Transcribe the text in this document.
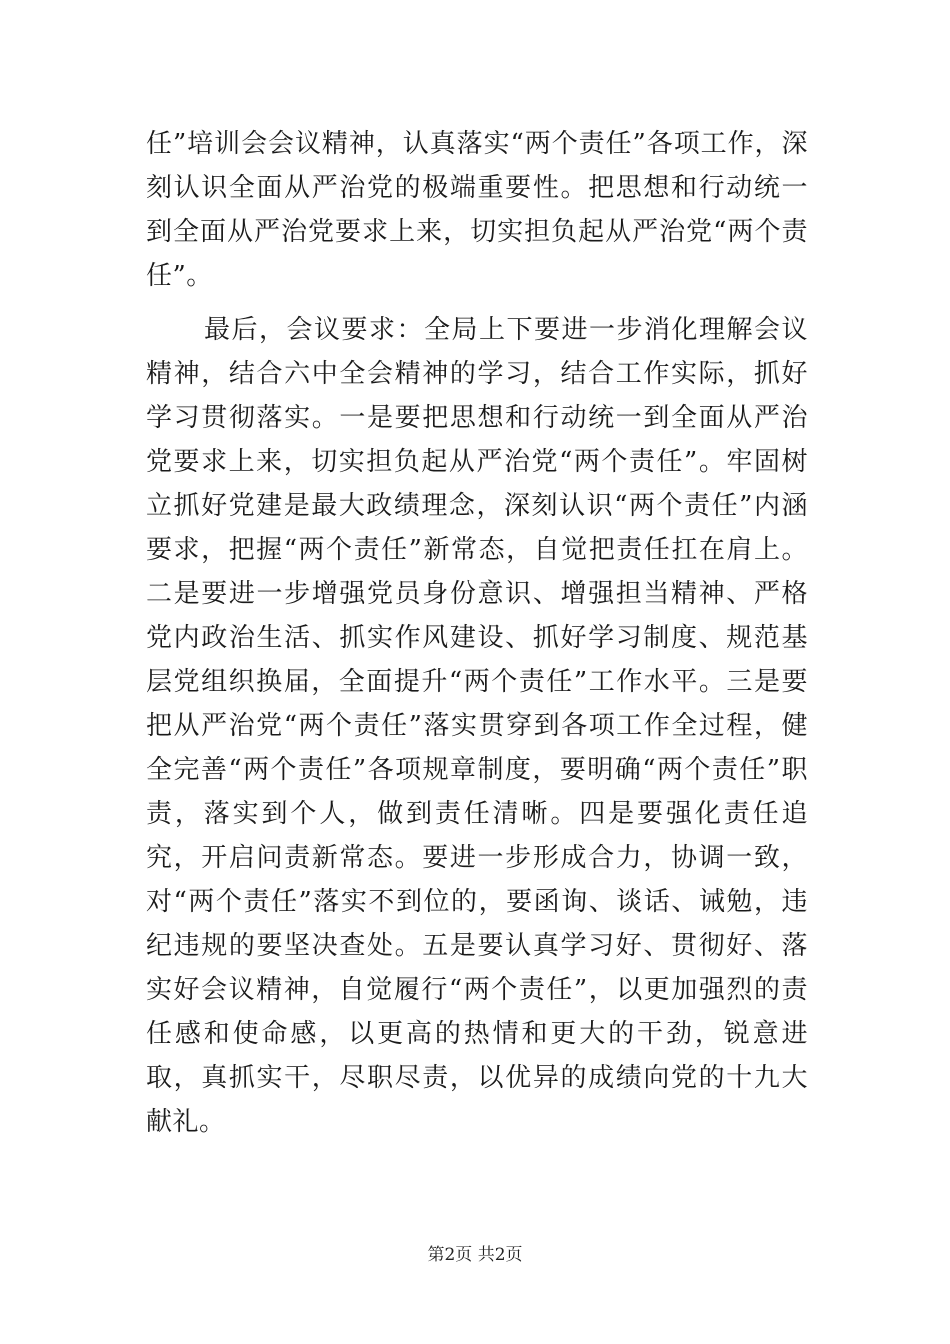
任”培训会会议精神，认真落实“两个责任”各项工作，深刻认识全面从严治党的极端重要性。把思想和行动统一到全面从严治党要求上来，切实担负起从严治党“两个责任”。

最后，会议要求：全局上下要进一步消化理解会议精神，结合六中全会精神的学习，结合工作实际，抓好学习贯彻落实。一是要把思想和行动统一到全面从严治党要求上来，切实担负起从严治党“两个责任”。牢固树立抓好党建是最大政绩理念，深刻认识“两个责任”内涵要求，把握“两个责任”新常态，自觉把责任扛在肩上。二是要进一步增强党员身份意识、增强担当精神、严格党内政治生活、抓实作风建设、抓好学习制度、规范基层党组织换届，全面提升“两个责任”工作水平。三是要把从严治党“两个责任”落实贯穿到各项工作全过程，健全完善“两个责任”各项规章制度，要明确“两个责任”职责，落实到个人，做到责任清晰。四是要强化责任追究，开启问责新常态。要进一步形成合力，协调一致，对“两个责任”落实不到位的，要函询、谈话、诫勉，违纪违规的要坚决查处。五是要认真学习好、贯彻好、落实好会议精神，自觉履行“两个责任”，以更加强烈的责任感和使命感，以更高的热情和更大的干劲，锐意进取，真抓实干，尽职尽责，以优异的成绩向党的十九大献礼。

第2页 共2页
